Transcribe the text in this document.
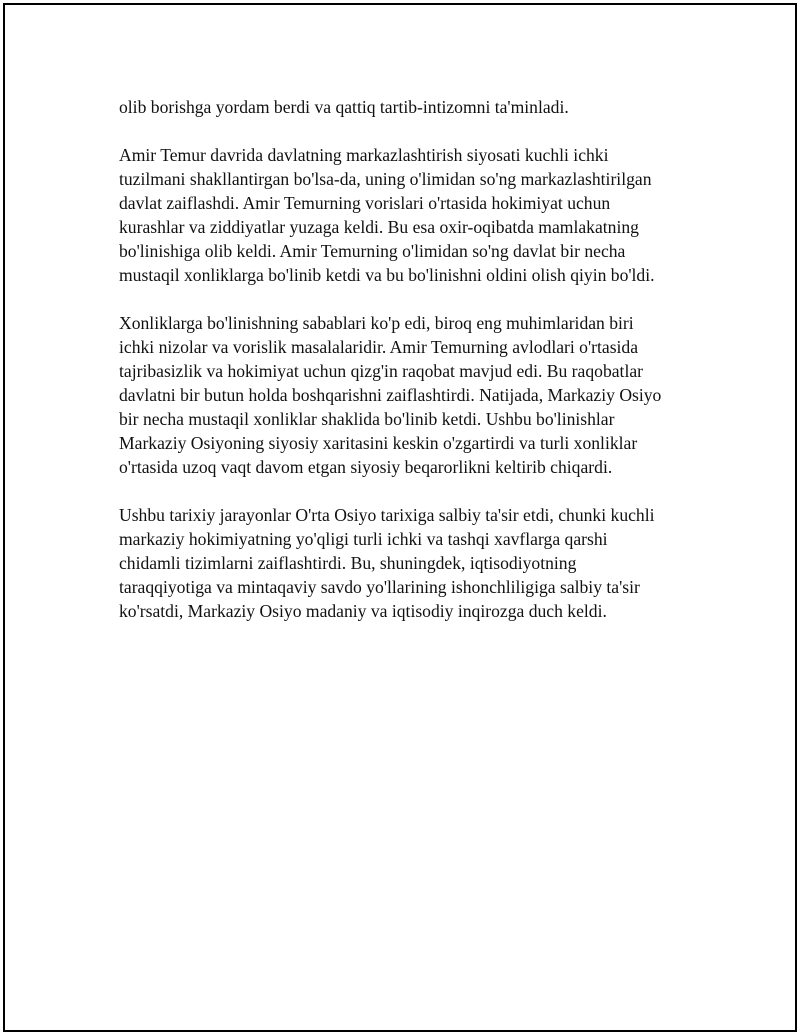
olib borishga yordam berdi va qattiq tartib-intizomni ta'minladi.

Amir Temur davrida davlatning markazlashtirish siyosati kuchli ichki
tuzilmani shakllantirgan bo'lsa-da, uning o'limidan so'ng markazlashtirilgan
davlat zaiflashdi. Amir Temurning vorislari o'rtasida hokimiyat uchun
kurashlar va ziddiyatlar yuzaga keldi. Bu esa oxir-oqibatda mamlakatning
bo'linishiga olib keldi. Amir Temurning o'limidan so'ng davlat bir necha
mustaqil xonliklarga bo'linib ketdi va bu bo'linishni oldini olish qiyin bo'ldi.

Xonliklarga bo'linishning sabablari ko'p edi, biroq eng muhimlaridan biri
ichki nizolar va vorislik masalalaridir. Amir Temurning avlodlari o'rtasida
tajribasizlik va hokimiyat uchun qizg'in raqobat mavjud edi. Bu raqobatlar
davlatni bir butun holda boshqarishni zaiflashtirdi. Natijada, Markaziy Osiyo
bir necha mustaqil xonliklar shaklida bo'linib ketdi. Ushbu bo'linishlar
Markaziy Osiyoning siyosiy xaritasini keskin o'zgartirdi va turli xonliklar
o'rtasida uzoq vaqt davom etgan siyosiy beqarorlikni keltirib chiqardi.

Ushbu tarixiy jarayonlar O'rta Osiyo tarixiga salbiy ta'sir etdi, chunki kuchli
markaziy hokimiyatning yo'qligi turli ichki va tashqi xavflarga qarshi
chidamli tizimlarni zaiflashtirdi. Bu, shuningdek, iqtisodiyotning
taraqqiyotiga va mintaqaviy savdo yo'llarining ishonchliligiga salbiy ta'sir
ko'rsatdi, Markaziy Osiyo madaniy va iqtisodiy inqirozga duch keldi.
